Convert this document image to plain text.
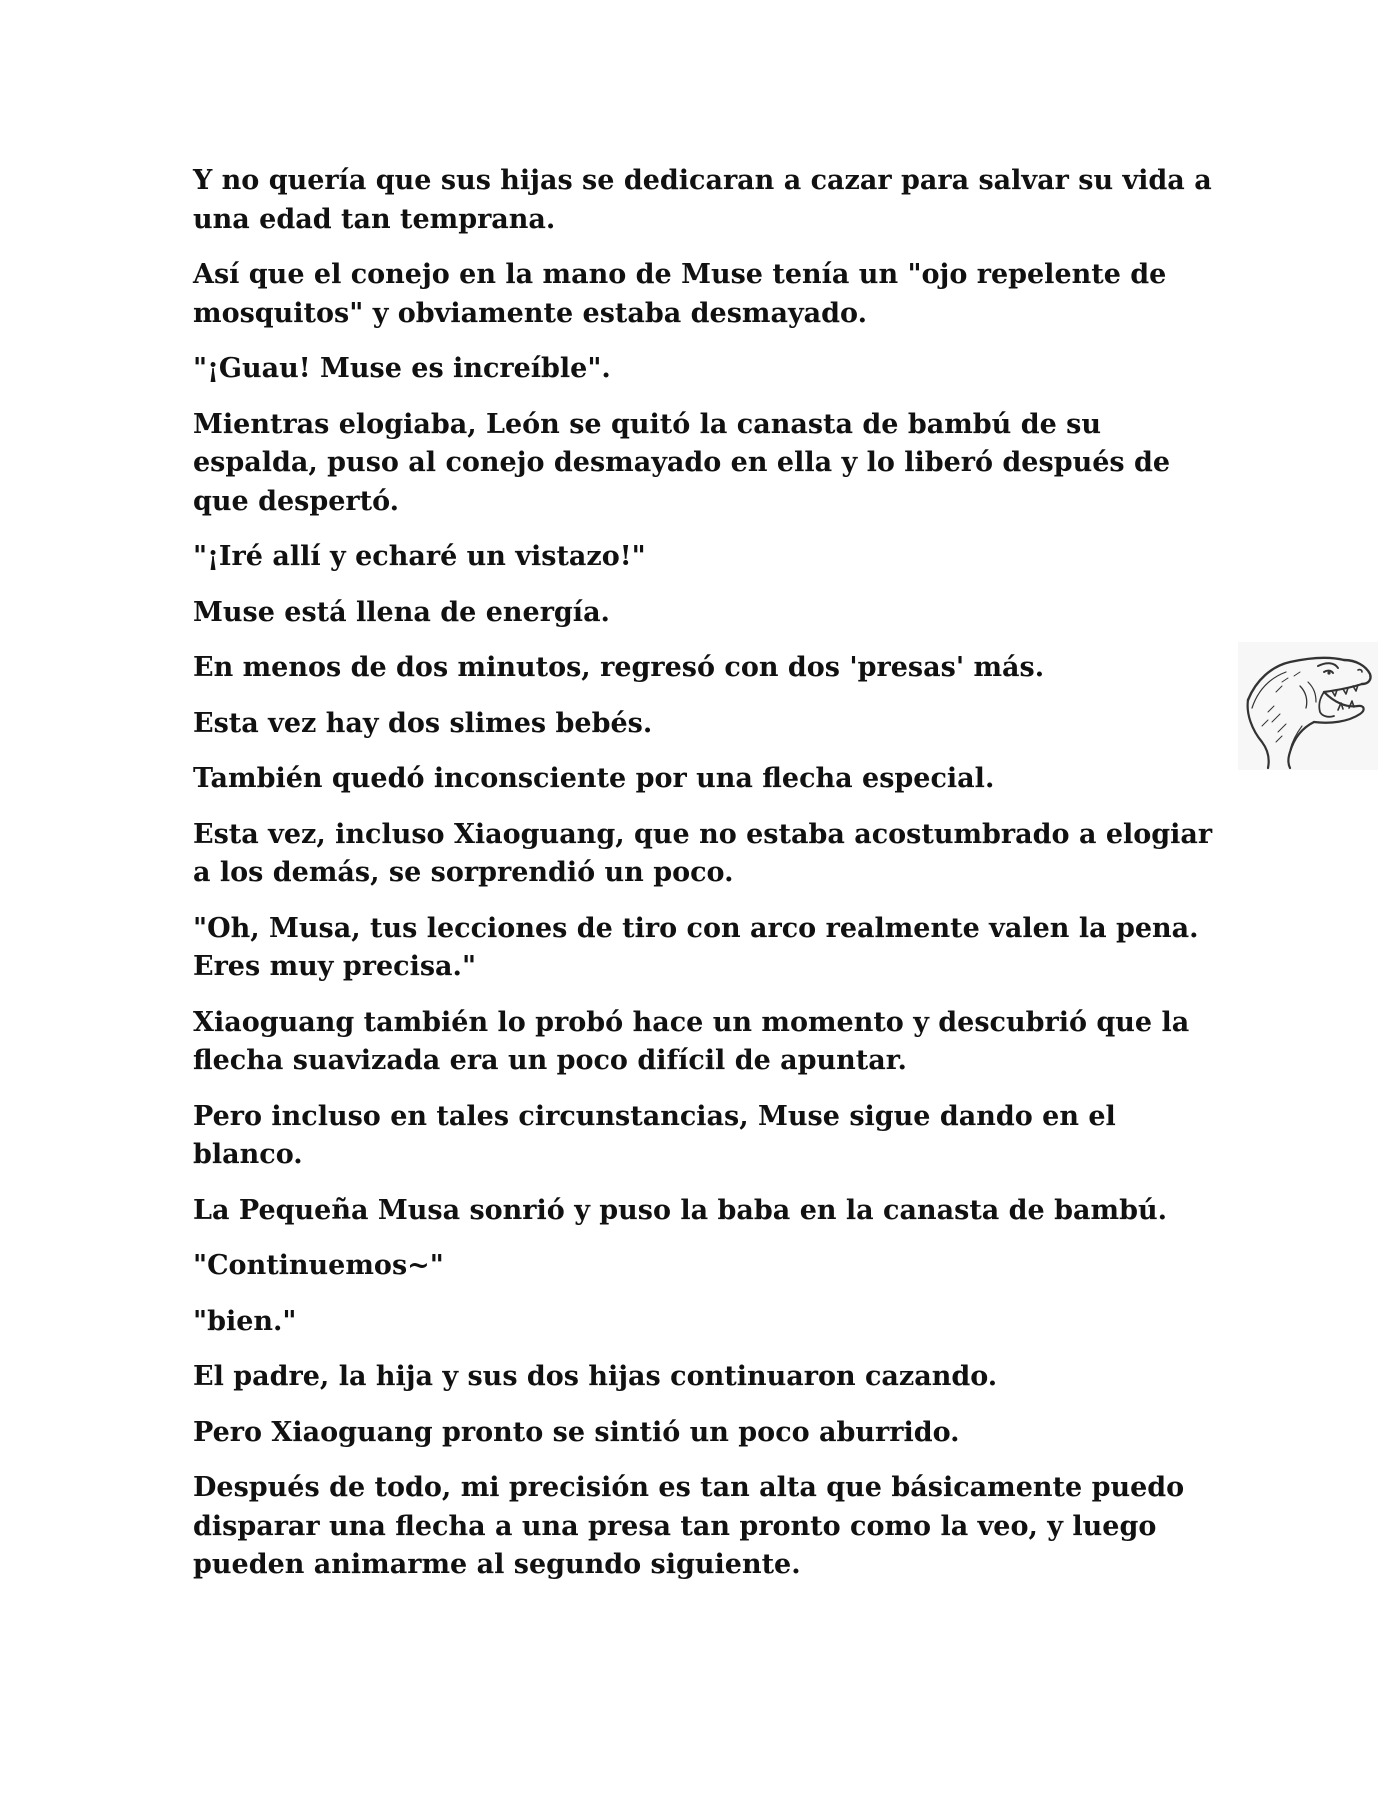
Y no quería que sus hijas se dedicaran a cazar para salvar su vida a una edad tan temprana.

Así que el conejo en la mano de Muse tenía un "ojo repelente de mosquitos" y obviamente estaba desmayado.

"¡Guau! Muse es increíble".

Mientras elogiaba, León se quitó la canasta de bambú de su espalda, puso al conejo desmayado en ella y lo liberó después de que despertó.

"¡Iré allí y echaré un vistazo!"

Muse está llena de energía.

En menos de dos minutos, regresó con dos 'presas' más.

Esta vez hay dos slimes bebés.

También quedó inconsciente por una flecha especial.

Esta vez, incluso Xiaoguang, que no estaba acostumbrado a elogiar a los demás, se sorprendió un poco.

"Oh, Musa, tus lecciones de tiro con arco realmente valen la pena. Eres muy precisa."

Xiaoguang también lo probó hace un momento y descubrió que la flecha suavizada era un poco difícil de apuntar.

Pero incluso en tales circunstancias, Muse sigue dando en el blanco.

La Pequeña Musa sonrió y puso la baba en la canasta de bambú.

"Continuemos~"

"bien."

El padre, la hija y sus dos hijas continuaron cazando.

Pero Xiaoguang pronto se sintió un poco aburrido.

Después de todo, mi precisión es tan alta que básicamente puedo disparar una flecha a una presa tan pronto como la veo, y luego pueden animarme al segundo siguiente.
